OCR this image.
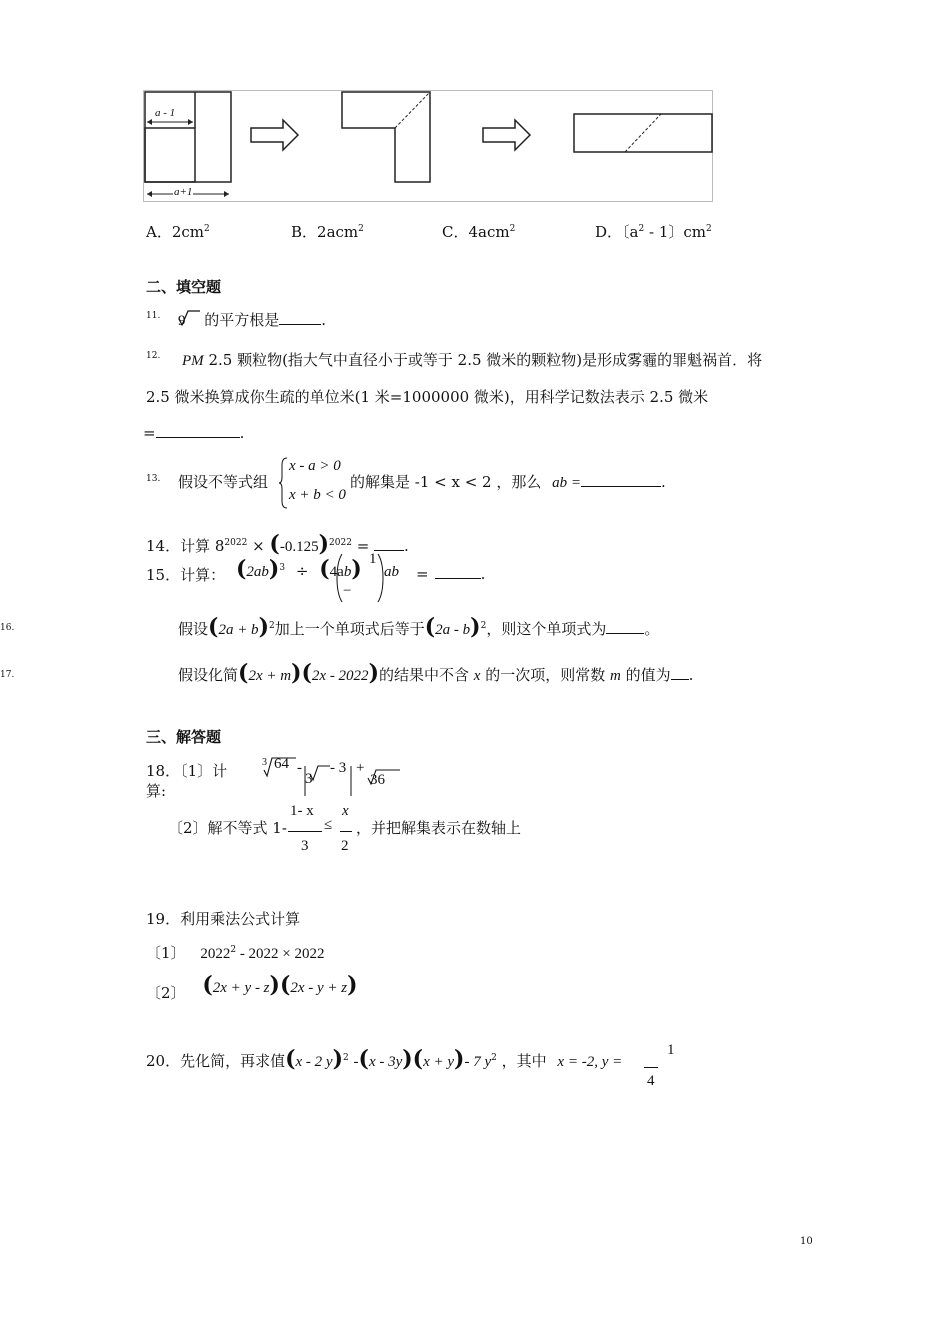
a - 1
a+1
A．$2cm^2$	B．2acm$^2$	C．4acm$^2$	D．〔$a^2 - 1$〕$cm^2$
二、填空题
11. 9 的平方根是	.
12. PM 2.5 颗粒物(指大气中直径小于或等于 2.5 微米的颗粒物)是形成雾霾的罪魁祸首．将
2.5 微米换算成你生疏的单位米(1 米=1000000 微米)，用科学记数法表示 2.5 微米
=	.
13. 假设不等式组
x - a > 0
x + b < 0
的解集是 -1 < x < 2 ，那么 ab =	.
14．计算 $8^{2022} \times (-0.125)^{2022}$ = .
15．计算： $(2ab)^3 \div (4ab)$ 1
−
ab =	.
16.	假设$(2a + b)^2$加上一个单项式后等于(2a - b)$^2$，则这个单项式为	。
17.	假设化简(2x + m)(2x - 2022)的结果中不含 x 的一次项，则常数 m 的值为 .
三、解答题
18．〔1〕计
算:
3 64 -
3
- 3 +
36
〔2〕解不等式 1-
1- x
3
≤
x
2
，并把解集表示在数轴上
19．利用乘法公式计算
〔1〕 2022$^2$ - 2022 × 2022
〔2〕 (2x + y - z)(2x - y + z)
20．先化简，再求值(x - 2 y)$^2$ -(x - 3y)(x + y)- 7 $y^2$ ，其中 x = -2, y =
1
4
10
